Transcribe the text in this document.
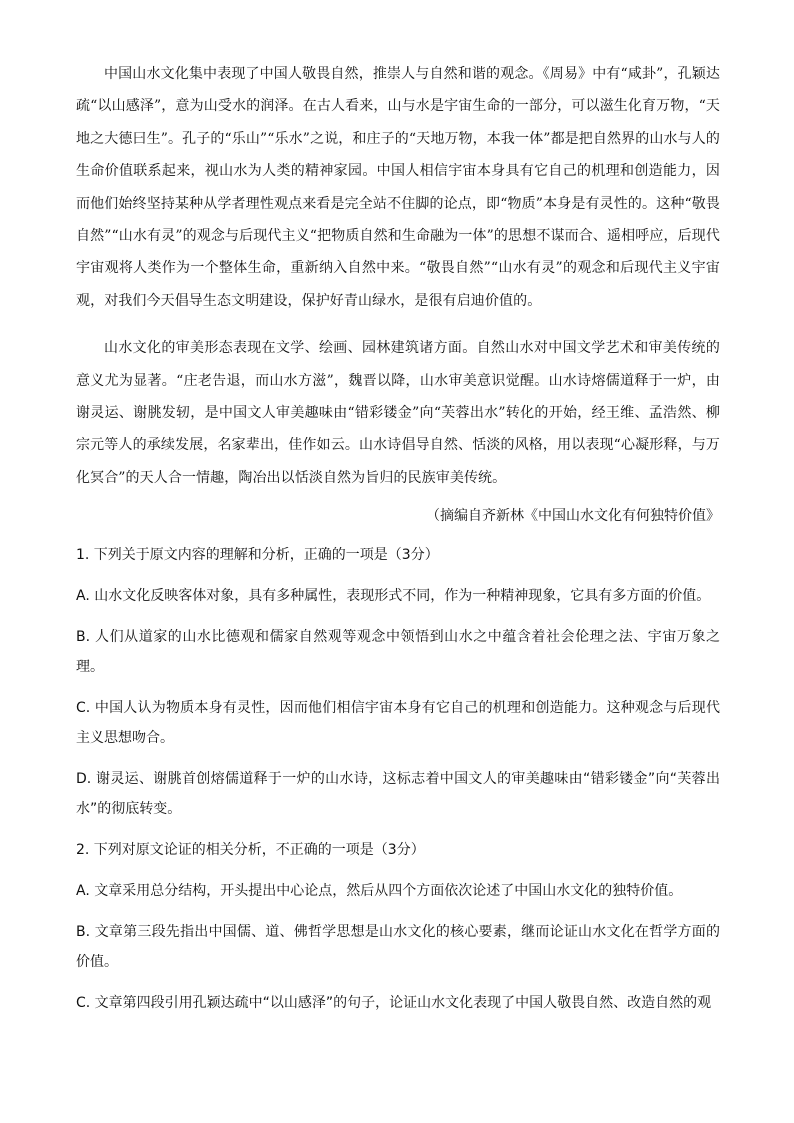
中国山水文化集中表现了中国人敬畏自然，推崇人与自然和谐的观念。《周易》中有“咸卦”，孔颖达疏“以山感泽”，意为山受水的润泽。在古人看来，山与水是宇宙生命的一部分，可以滋生化育万物，“天地之大德曰生”。孔子的“乐山”“乐水”之说，和庄子的“天地万物，本我一体”都是把自然界的山水与人的生命价值联系起来，视山水为人类的精神家园。中国人相信宇宙本身具有它自己的机理和创造能力，因而他们始终坚持某种从学者理性观点来看是完全站不住脚的论点，即“物质”本身是有灵性的。这种“敬畏自然”“山水有灵”的观念与后现代主义“把物质自然和生命融为一体”的思想不谋而合、遥相呼应，后现代宇宙观将人类作为一个整体生命，重新纳入自然中来。“敬畏自然”“山水有灵”的观念和后现代主义宇宙观，对我们今天倡导生态文明建设，保护好青山绿水，是很有启迪价值的。

山水文化的审美形态表现在文学、绘画、园林建筑诸方面。自然山水对中国文学艺术和审美传统的意义尤为显著。“庄老告退，而山水方滋”，魏晋以降，山水审美意识觉醒。山水诗熔儒道释于一炉，由谢灵运、谢朓发轫，是中国文人审美趣味由“错彩镂金”向“芙蓉出水”转化的开始，经王维、孟浩然、柳宗元等人的承续发展，名家辈出，佳作如云。山水诗倡导自然、恬淡的风格，用以表现“心凝形释，与万化冥合”的天人合一情趣，陶冶出以恬淡自然为旨归的民族审美传统。

（摘编自齐新林《中国山水文化有何独特价值》

1. 下列关于原文内容的理解和分析，正确的一项是（3分）

A. 山水文化反映客体对象，具有多种属性，表现形式不同，作为一种精神现象，它具有多方面的价值。

B. 人们从道家的山水比德观和儒家自然观等观念中领悟到山水之中蕴含着社会伦理之法、宇宙万象之理。

C. 中国人认为物质本身有灵性，因而他们相信宇宙本身有它自己的机理和创造能力。这种观念与后现代主义思想吻合。

D. 谢灵运、谢朓首创熔儒道释于一炉的山水诗，这标志着中国文人的审美趣味由“错彩镂金”向“芙蓉出水”的彻底转变。

2. 下列对原文论证的相关分析，不正确的一项是（3分）

A. 文章采用总分结构，开头提出中心论点，然后从四个方面依次论述了中国山水文化的独特价值。

B. 文章第三段先指出中国儒、道、佛哲学思想是山水文化的核心要素，继而论证山水文化在哲学方面的价值。

C. 文章第四段引用孔颖达疏中“以山感泽”的句子，论证山水文化表现了中国人敬畏自然、改造自然的观
